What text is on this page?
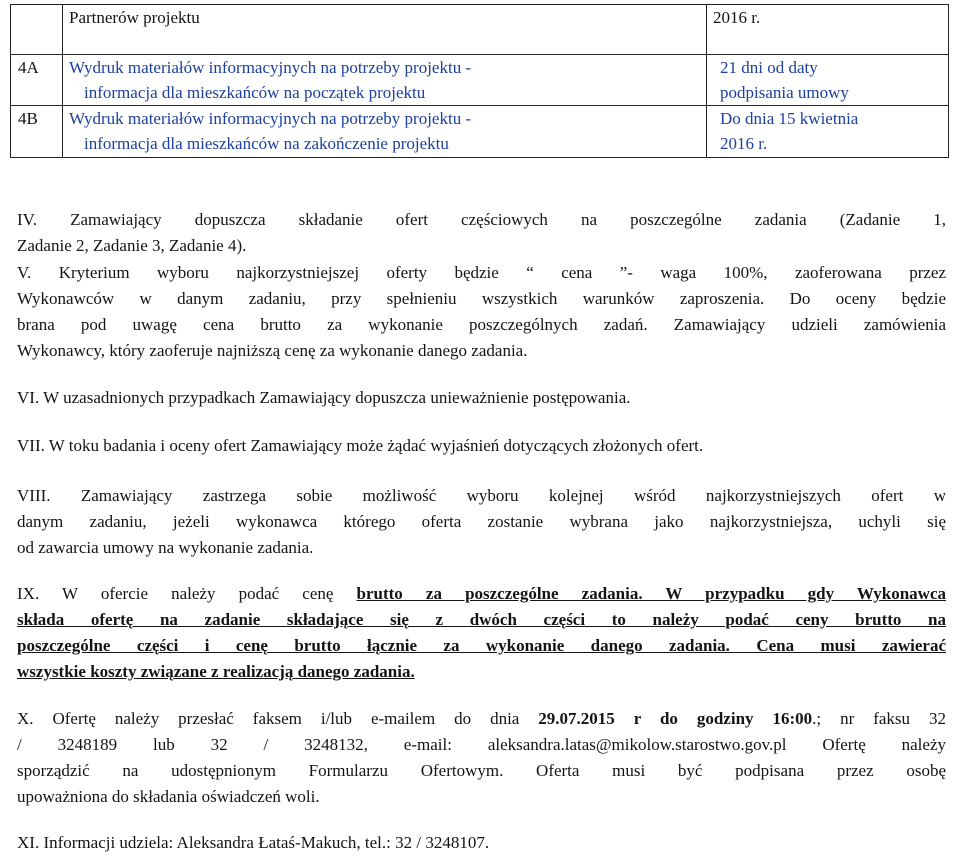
Partnerów projektu	2016 r.
4A Wydruk materiałów informacyjnych na potrzeby projektu -
informacja dla mieszkańców na początek projektu
21 dni od daty
podpisania umowy
4B Wydruk materiałów informacyjnych na potrzeby projektu -
informacja dla mieszkańców na zakończenie projektu
Do dnia 15 kwietnia
2016 r.
IV. Zamawiający dopuszcza składanie ofert częściowych na poszczególne zadania (Zadanie 1,
Zadanie 2, Zadanie 3, Zadanie 4).
V. Kryterium wyboru najkorzystniejszej oferty będzie “ cena ”- waga 100%, zaoferowana przez
Wykonawców w danym zadaniu, przy spełnieniu wszystkich warunków zaproszenia. Do oceny będzie
brana pod uwagę cena brutto za wykonanie poszczególnych zadań. Zamawiający udzieli zamówienia
Wykonawcy, który zaoferuje najniższą cenę za wykonanie danego zadania.
VI. W uzasadnionych przypadkach Zamawiający dopuszcza unieważnienie postępowania.
VII. W toku badania i oceny ofert Zamawiający może żądać wyjaśnień dotyczących złożonych ofert.
VIII. Zamawiający zastrzega sobie możliwość wyboru kolejnej wśród najkorzystniejszych ofert w
danym zadaniu, jeżeli wykonawca którego oferta zostanie wybrana jako najkorzystniejsza, uchyli się
od zawarcia umowy na wykonanie zadania.
IX. W ofercie należy podać cenę brutto za poszczególne zadania. W przypadku gdy Wykonawca
składa ofertę na zadanie składające się z dwóch części to należy podać ceny brutto na
poszczególne części i cenę brutto łącznie za wykonanie danego zadania. Cena musi zawierać
wszystkie koszty związane z realizacją danego zadania.
X. Ofertę należy przesłać faksem i/lub e-mailem do dnia 29.07.2015 r do godziny 16:00.; nr faksu 32
/ 3248189 lub 32 / 3248132, e-mail: aleksandra.latas@mikolow.starostwo.gov.pl Ofertę należy
sporządzić na udostępnionym Formularzu Ofertowym. Oferta musi być podpisana przez osobę
upoważniona do składania oświadczeń woli.
XI. Informacji udziela: Aleksandra Łataś-Makuch, tel.: 32 / 3248107.
